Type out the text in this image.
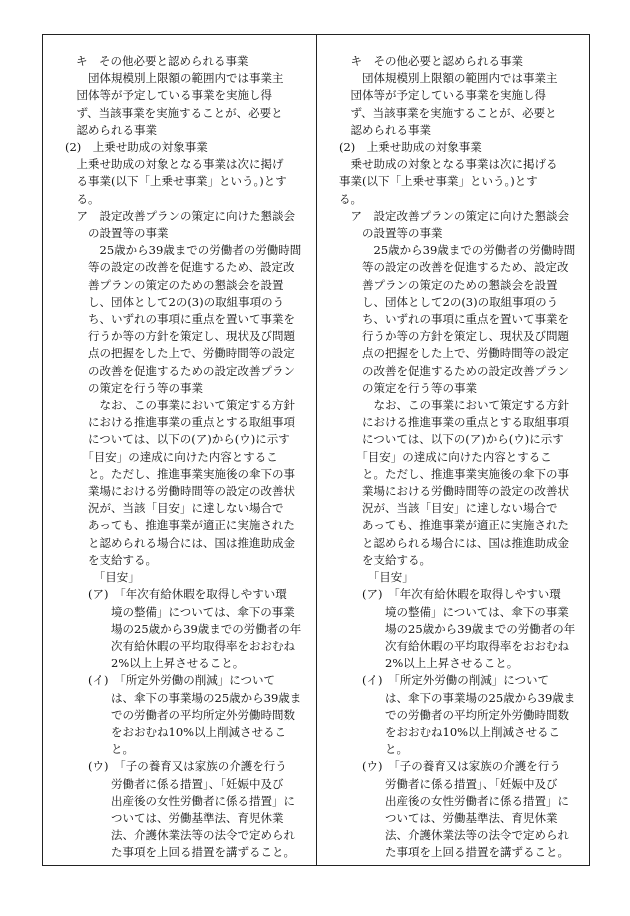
キ　その他必要と認められる事業
　　団体規模別上限額の範囲内では事業主
　団体等が予定している事業を実施し得
　ず、当該事業を実施することが、必要と
　認められる事業
(2)　上乗せ助成の対象事業
　上乗せ助成の対象となる事業は次に掲げ
　る事業(以下「上乗せ事業」という。)とす
　る。
　ア　設定改善プランの策定に向けた懇談会
　　の設置等の事業
　　　25歳から39歳までの労働者の労働時間
　　等の設定の改善を促進するため、設定改
　　善プランの策定のための懇談会を設置
　　し、団体として2の(3)の取組事項のう
　　ち、いずれの事項に重点を置いて事業を
　　行うか等の方針を策定し、現状及び問題
　　点の把握をした上で、労働時間等の設定
　　の改善を促進するための設定改善プラン
　　の策定を行う等の事業
　　　なお、この事業において策定する方針
　　における推進事業の重点とする取組事項
　　については、以下の(ア)から(ウ)に示す
　　「目安」の達成に向けた内容とするこ
　　と。ただし、推進事業実施後の傘下の事
　　業場における労働時間等の設定の改善状
　　況が、当該「目安」に達しない場合で
　　あっても、推進事業が適正に実施された
　　と認められる場合には、国は推進助成金
　　を支給する。
　　　「目安」
　　(ア)　「年次有給休暇を取得しやすい環
　　　　境の整備」については、傘下の事業
　　　　場の25歳から39歳までの労働者の年
　　　　次有給休暇の平均取得率をおおむね
　　　　2%以上上昇させること。
　　(イ)　「所定外労働の削減」について
　　　　は、傘下の事業場の25歳から39歳ま
　　　　での労働者の平均所定外労働時間数
　　　　をおおむね10%以上削減させるこ
　　　　と。
　　(ウ)　「子の養育又は家族の介護を行う
　　　　労働者に係る措置」、「妊娠中及び
　　　　出産後の女性労働者に係る措置」に
　　　　ついては、労働基準法、育児休業
　　　　法、介護休業法等の法令で定められ
　　　　た事項を上回る措置を講ずること。
　キ　その他必要と認められる事業
　　団体規模別上限額の範囲内では事業主
　団体等が予定している事業を実施し得
　ず、当該事業を実施することが、必要と
　認められる事業
(2)　上乗せ助成の対象事業
　乗せ助成の対象となる事業は次に掲げる
事業(以下「上乗せ事業」という。)とす
る。
　ア　設定改善プランの策定に向けた懇談会
　　の設置等の事業
　　　25歳から39歳までの労働者の労働時間
　　等の設定の改善を促進するため、設定改
　　善プランの策定のための懇談会を設置
　　し、団体として2の(3)の取組事項のう
　　ち、いずれの事項に重点を置いて事業を
　　行うか等の方針を策定し、現状及び問題
　　点の把握をした上で、労働時間等の設定
　　の改善を促進するための設定改善プラン
　　の策定を行う等の事業
　　　なお、この事業において策定する方針
　　における推進事業の重点とする取組事項
　　については、以下の(ア)から(ウ)に示す
　　「目安」の達成に向けた内容とするこ
　　と。ただし、推進事業実施後の傘下の事
　　業場における労働時間等の設定の改善状
　　況が、当該「目安」に達しない場合で
　　あっても、推進事業が適正に実施された
　　と認められる場合には、国は推進助成金
　　を支給する。
　　　「目安」
　　(ア)　「年次有給休暇を取得しやすい環
　　　　境の整備」については、傘下の事業
　　　　場の25歳から39歳までの労働者の年
　　　　次有給休暇の平均取得率をおおむね
　　　　2%以上上昇させること。
　　(イ)　「所定外労働の削減」について
　　　　は、傘下の事業場の25歳から39歳ま
　　　　での労働者の平均所定外労働時間数
　　　　をおおむね10%以上削減させるこ
　　　　と。
　　(ウ)　「子の養育又は家族の介護を行う
　　　　労働者に係る措置」、「妊娠中及び
　　　　出産後の女性労働者に係る措置」に
　　　　ついては、労働基準法、育児休業
　　　　法、介護休業法等の法令で定められ
　　　　た事項を上回る措置を講ずること。
